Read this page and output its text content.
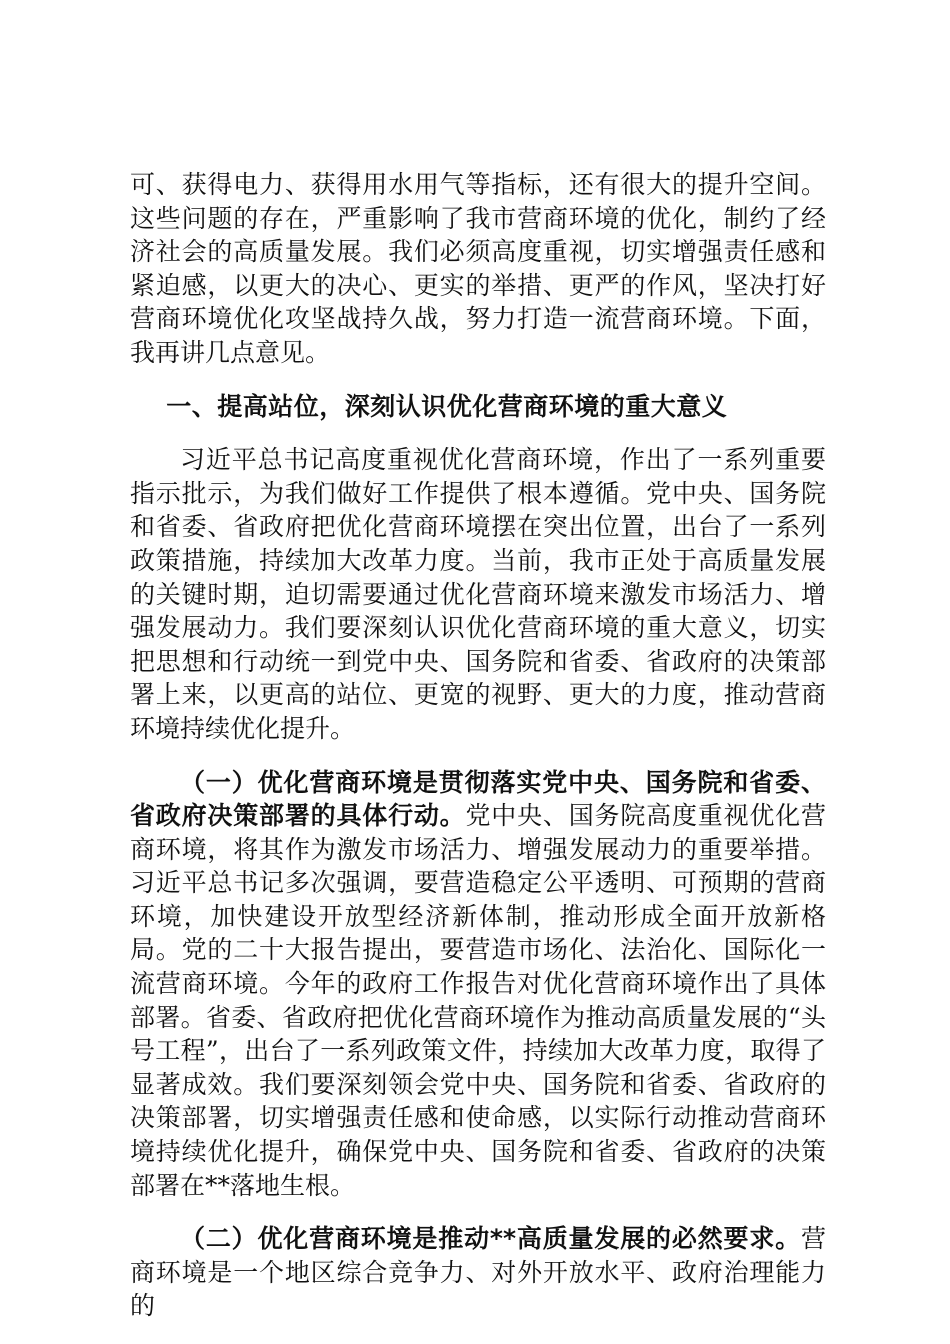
可、获得电力、获得用水用气等指标，还有很大的提升空间。这些问题的存在，严重影响了我市营商环境的优化，制约了经济社会的高质量发展。我们必须高度重视，切实增强责任感和紧迫感，以更大的决心、更实的举措、更严的作风，坚决打好营商环境优化攻坚战持久战，努力打造一流营商环境。下面，我再讲几点意见。

一、提高站位，深刻认识优化营商环境的重大意义

习近平总书记高度重视优化营商环境，作出了一系列重要指示批示，为我们做好工作提供了根本遵循。党中央、国务院和省委、省政府把优化营商环境摆在突出位置，出台了一系列政策措施，持续加大改革力度。当前，我市正处于高质量发展的关键时期，迫切需要通过优化营商环境来激发市场活力、增强发展动力。我们要深刻认识优化营商环境的重大意义，切实把思想和行动统一到党中央、国务院和省委、省政府的决策部署上来，以更高的站位、更宽的视野、更大的力度，推动营商环境持续优化提升。

（一）优化营商环境是贯彻落实党中央、国务院和省委、省政府决策部署的具体行动。党中央、国务院高度重视优化营商环境，将其作为激发市场活力、增强发展动力的重要举措。习近平总书记多次强调，要营造稳定公平透明、可预期的营商环境，加快建设开放型经济新体制，推动形成全面开放新格局。党的二十大报告提出，要营造市场化、法治化、国际化一流营商环境。今年的政府工作报告对优化营商环境作出了具体部署。省委、省政府把优化营商环境作为推动高质量发展的“头号工程”，出台了一系列政策文件，持续加大改革力度，取得了显著成效。我们要深刻领会党中央、国务院和省委、省政府的决策部署，切实增强责任感和使命感，以实际行动推动营商环境持续优化提升，确保党中央、国务院和省委、省政府的决策部署在**落地生根。

（二）优化营商环境是推动**高质量发展的必然要求。营商环境是一个地区综合竞争力、对外开放水平、政府治理能力的
